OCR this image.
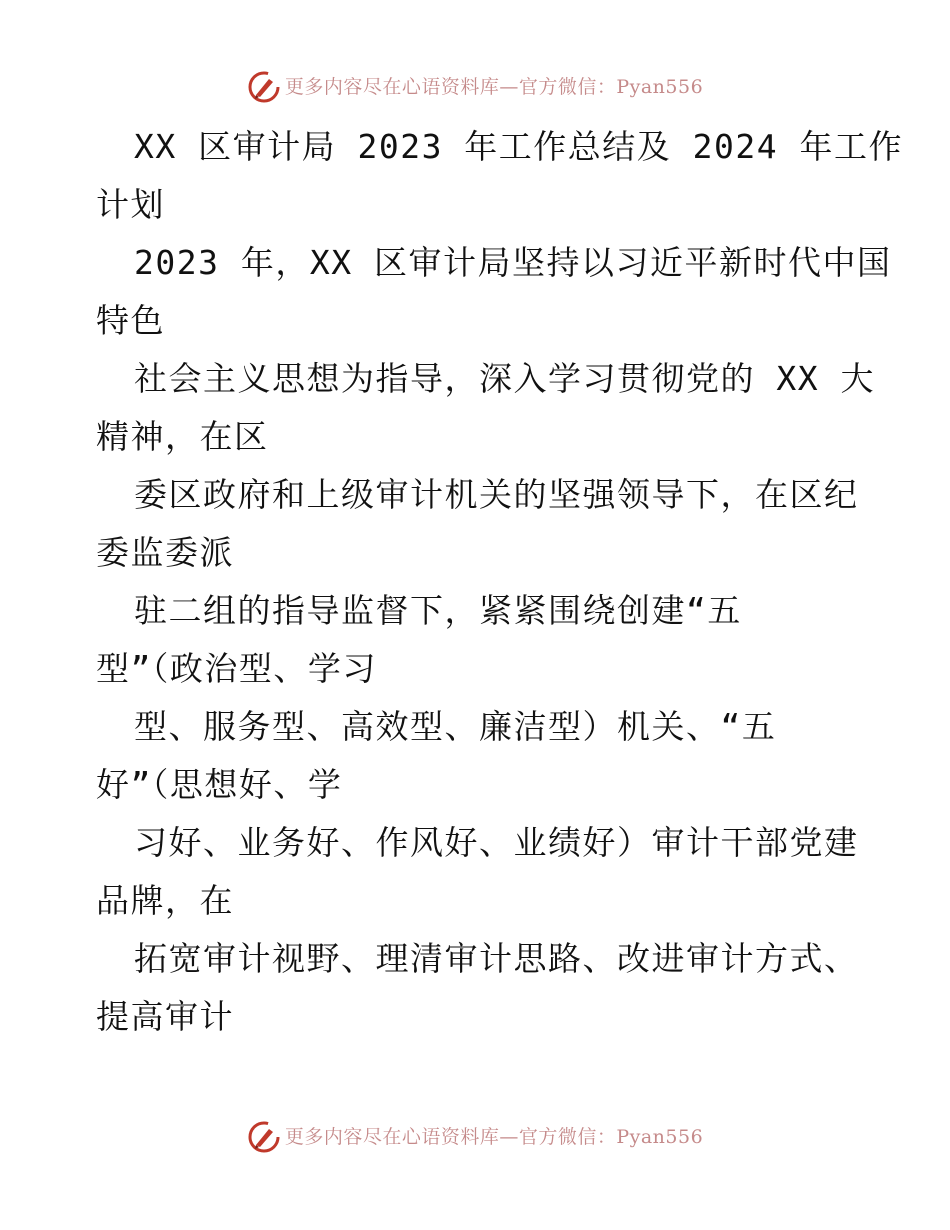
更多内容尽在心语资料库—官方微信：Pyan556
XX 区审计局 2023 年工作总结及 2024 年工作
计划
2023 年，XX 区审计局坚持以习近平新时代中国
特色
社会主义思想为指导，深入学习贯彻党的 XX 大
精神，在区
委区政府和上级审计机关的坚强领导下，在区纪
委监委派
驻二组的指导监督下，紧紧围绕创建“五
型”（政治型、学习
型、服务型、高效型、廉洁型）机关、“五
好”（思想好、学
习好、业务好、作风好、业绩好）审计干部党建
品牌，在
拓宽审计视野、理清审计思路、改进审计方式、
提高审计
更多内容尽在心语资料库—官方微信：Pyan556
